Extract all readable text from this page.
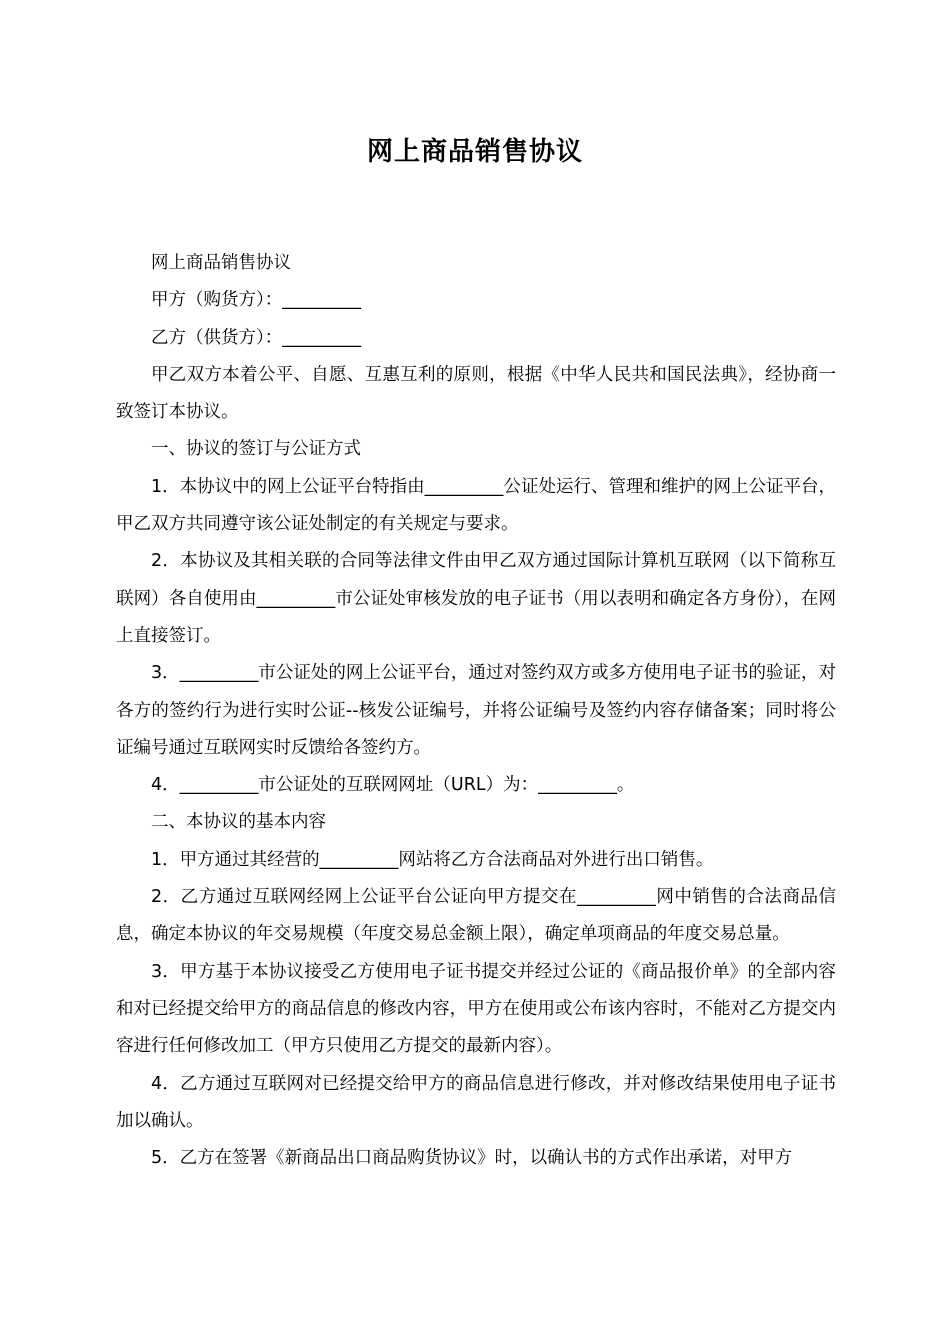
网上商品销售协议

网上商品销售协议

甲方（购货方）：_________

乙方（供货方）：_________

甲乙双方本着公平、自愿、互惠互利的原则，根据《中华人民共和国民法典》，经协商一致签订本协议。

一、协议的签订与公证方式

1．本协议中的网上公证平台特指由_________公证处运行、管理和维护的网上公证平台，甲乙双方共同遵守该公证处制定的有关规定与要求。

2．本协议及其相关联的合同等法律文件由甲乙双方通过国际计算机互联网（以下简称互联网）各自使用由_________市公证处审核发放的电子证书（用以表明和确定各方身份），在网上直接签订。

3．_________市公证处的网上公证平台，通过对签约双方或多方使用电子证书的验证，对各方的签约行为进行实时公证--核发公证编号，并将公证编号及签约内容存储备案；同时将公证编号通过互联网实时反馈给各签约方。

4．_________市公证处的互联网网址（URL）为：_________。

二、本协议的基本内容

1．甲方通过其经营的_________网站将乙方合法商品对外进行出口销售。

2．乙方通过互联网经网上公证平台公证向甲方提交在_________网中销售的合法商品信息，确定本协议的年交易规模（年度交易总金额上限），确定单项商品的年度交易总量。

3．甲方基于本协议接受乙方使用电子证书提交并经过公证的《商品报价单》的全部内容和对已经提交给甲方的商品信息的修改内容，甲方在使用或公布该内容时，不能对乙方提交内容进行任何修改加工（甲方只使用乙方提交的最新内容）。

4．乙方通过互联网对已经提交给甲方的商品信息进行修改，并对修改结果使用电子证书加以确认。

5．乙方在签署《新商品出口商品购货协议》时，以确认书的方式作出承诺，对甲方
